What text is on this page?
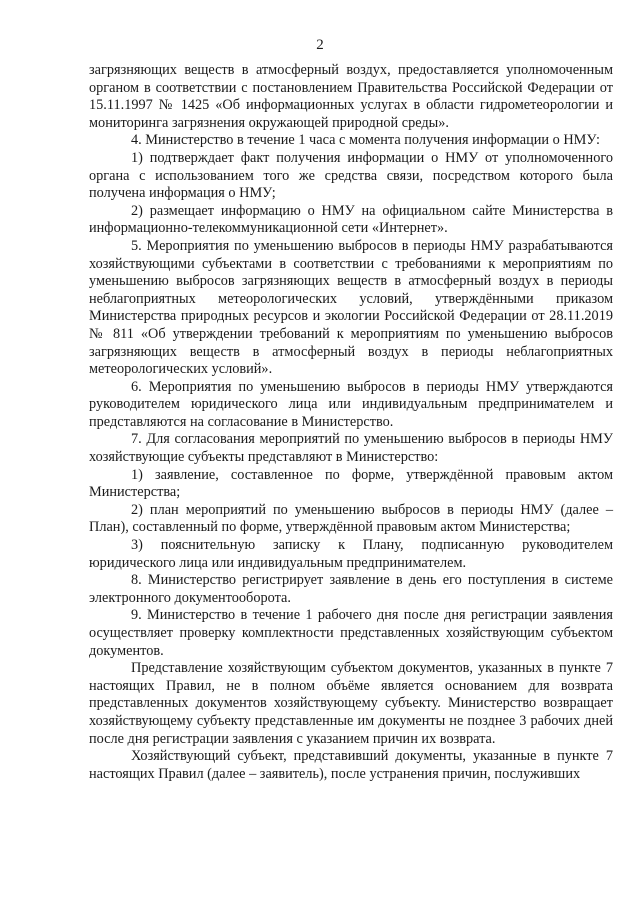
2

загрязняющих веществ в атмосферный воздух, предоставляется уполномоченным органом в соответствии с постановлением Правительства Российской Федерации от 15.11.1997 № 1425 «Об информационных услугах в области гидрометеорологии и мониторинга загрязнения окружающей природной среды».

4. Министерство в течение 1 часа с момента получения информации о НМУ:

1) подтверждает факт получения информации о НМУ от уполномоченного органа с использованием того же средства связи, посредством которого была получена информация о НМУ;

2) размещает информацию о НМУ на официальном сайте Министерства в информационно-телекоммуникационной сети «Интернет».

5. Мероприятия по уменьшению выбросов в периоды НМУ разрабатываются хозяйствующими субъектами в соответствии с требованиями к мероприятиям по уменьшению выбросов загрязняющих веществ в атмосферный воздух в периоды неблагоприятных метеорологических условий, утверждёнными приказом Министерства природных ресурсов и экологии Российской Федерации от 28.11.2019 № 811 «Об утверждении требований к мероприятиям по уменьшению выбросов загрязняющих веществ в атмосферный воздух в периоды неблагоприятных метеорологических условий».

6. Мероприятия по уменьшению выбросов в периоды НМУ утверждаются руководителем юридического лица или индивидуальным предпринимателем и представляются на согласование в Министерство.

7. Для согласования мероприятий по уменьшению выбросов в периоды НМУ хозяйствующие субъекты представляют в Министерство:

1) заявление, составленное по форме, утверждённой правовым актом Министерства;

2) план мероприятий по уменьшению выбросов в периоды НМУ (далее – План), составленный по форме, утверждённой правовым актом Министерства;

3) пояснительную записку к Плану, подписанную руководителем юридического лица или индивидуальным предпринимателем.

8. Министерство регистрирует заявление в день его поступления в системе электронного документооборота.

9. Министерство в течение 1 рабочего дня после дня регистрации заявления осуществляет проверку комплектности представленных хозяйствующим субъектом документов.

Представление хозяйствующим субъектом документов, указанных в пункте 7 настоящих Правил, не в полном объёме является основанием для возврата представленных документов хозяйствующему субъекту. Министерство возвращает хозяйствующему субъекту представленные им документы не позднее 3 рабочих дней после дня регистрации заявления с указанием причин их возврата.

Хозяйствующий субъект, представивший документы, указанные в пункте 7 настоящих Правил (далее – заявитель), после устранения причин, послуживших
